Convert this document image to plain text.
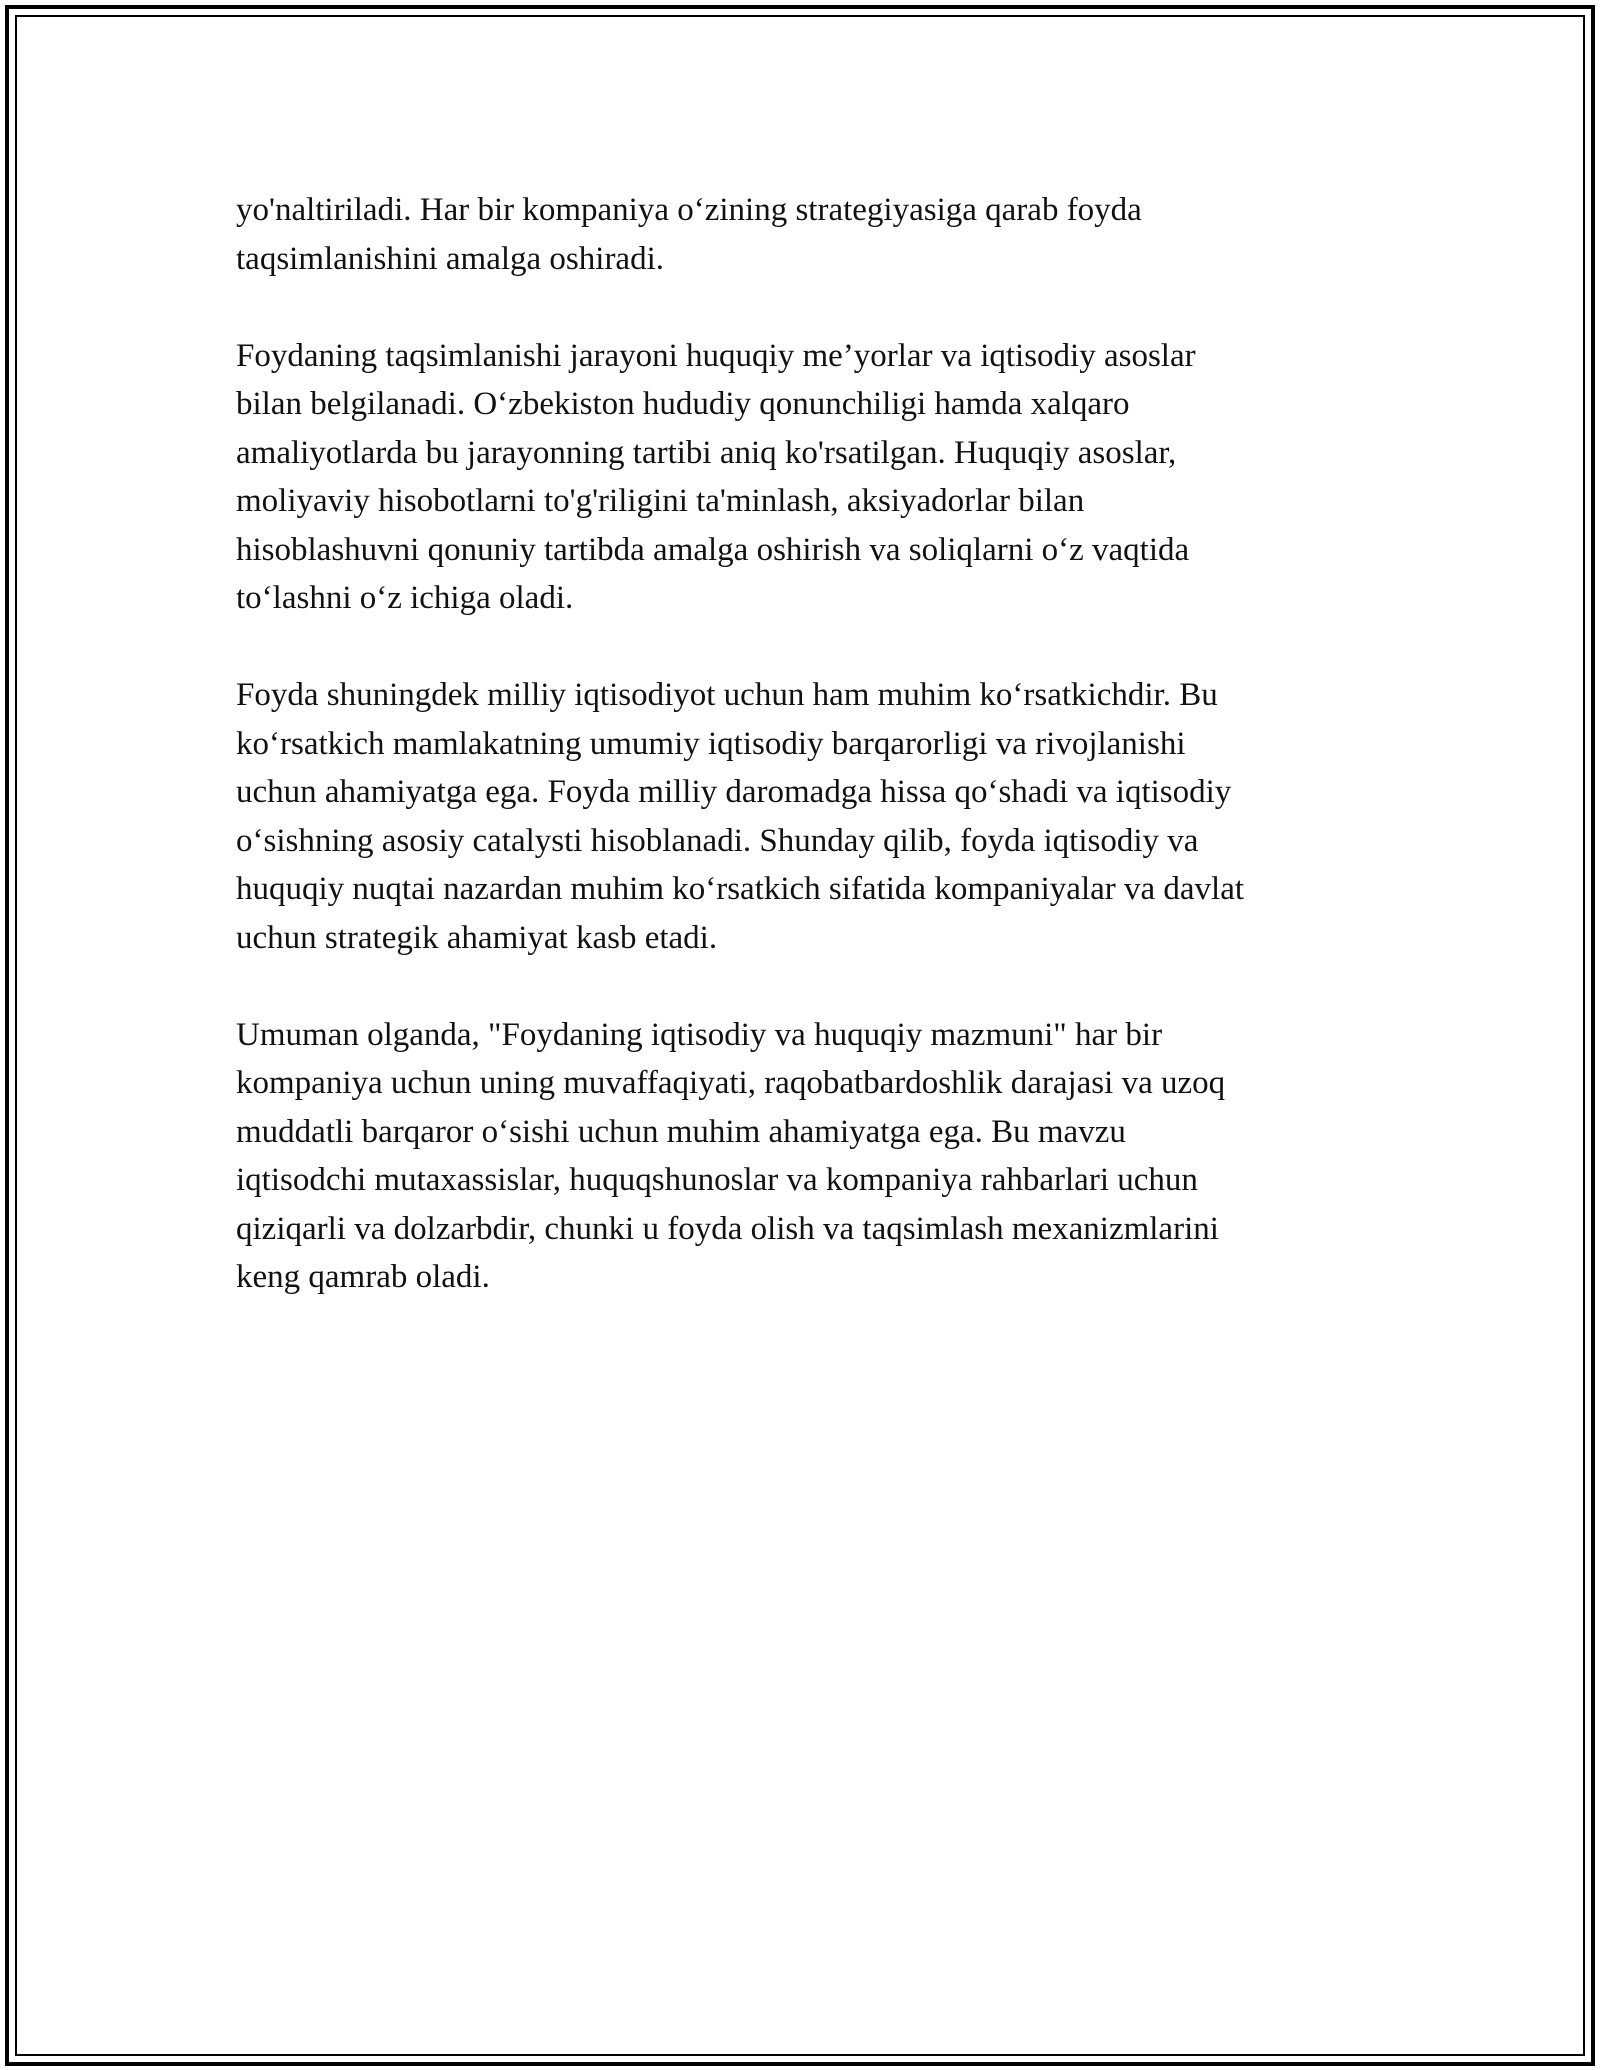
yo'naltiriladi. Har bir kompaniya o‘zining strategiyasiga qarab foyda
taqsimlanishini amalga oshiradi.

Foydaning taqsimlanishi jarayoni huquqiy me’yorlar va iqtisodiy asoslar
bilan belgilanadi. O‘zbekiston hududiy qonunchiligi hamda xalqaro
amaliyotlarda bu jarayonning tartibi aniq ko'rsatilgan. Huquqiy asoslar,
moliyaviy hisobotlarni to'g'riligini ta'minlash, aksiyadorlar bilan
hisoblashuvni qonuniy tartibda amalga oshirish va soliqlarni o‘z vaqtida
to‘lashni o‘z ichiga oladi.

Foyda shuningdek milliy iqtisodiyot uchun ham muhim ko‘rsatkichdir. Bu
ko‘rsatkich mamlakatning umumiy iqtisodiy barqarorligi va rivojlanishi
uchun ahamiyatga ega. Foyda milliy daromadga hissa qo‘shadi va iqtisodiy
o‘sishning asosiy catalysti hisoblanadi. Shunday qilib, foyda iqtisodiy va
huquqiy nuqtai nazardan muhim ko‘rsatkich sifatida kompaniyalar va davlat
uchun strategik ahamiyat kasb etadi.

Umuman olganda, "Foydaning iqtisodiy va huquqiy mazmuni" har bir
kompaniya uchun uning muvaffaqiyati, raqobatbardoshlik darajasi va uzoq
muddatli barqaror o‘sishi uchun muhim ahamiyatga ega. Bu mavzu
iqtisodchi mutaxassislar, huquqshunoslar va kompaniya rahbarlari uchun
qiziqarli va dolzarbdir, chunki u foyda olish va taqsimlash mexanizmlarini
keng qamrab oladi.
